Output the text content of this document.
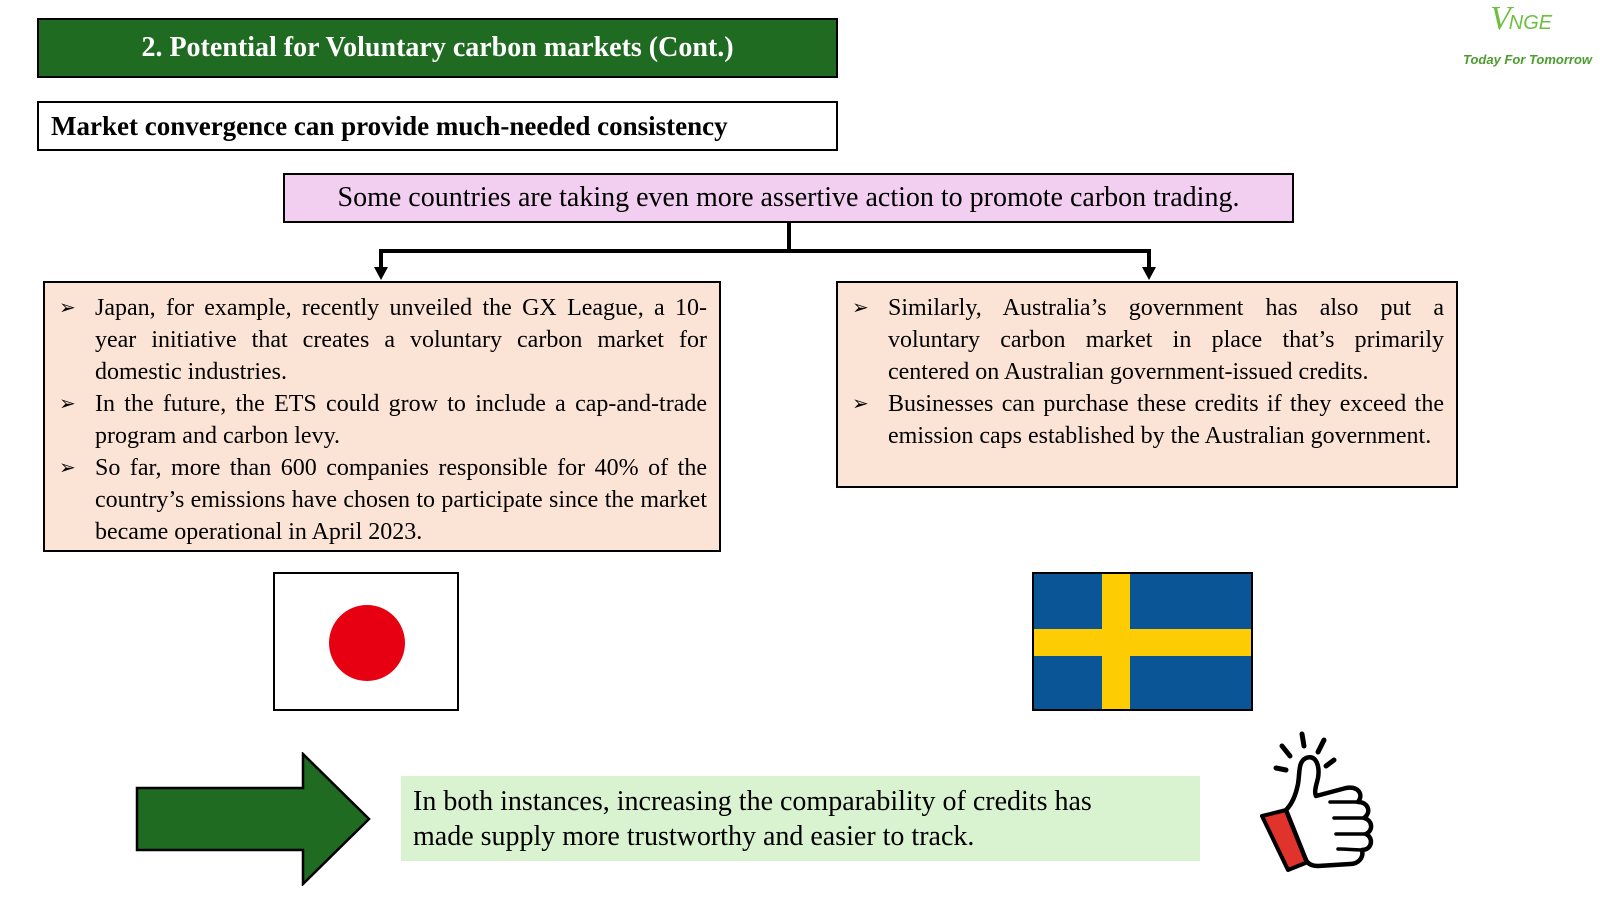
2. Potential for Voluntary carbon markets (Cont.)
VNGE
Today For Tomorrow
Market convergence can provide much-needed consistency
Some countries are taking even more assertive action to promote carbon trading.
➢ Japan, for example, recently unveiled the GX League, a 10-year initiative that creates a voluntary carbon market for domestic industries.
➢ In the future, the ETS could grow to include a cap-and-trade program and carbon levy.
➢ So far, more than 600 companies responsible for 40% of the country’s emissions have chosen to participate since the market became operational in April 2023.
➢ Similarly, Australia’s government has also put a voluntary carbon market in place that’s primarily centered on Australian government-issued credits.
➢ Businesses can purchase these credits if they exceed the emission caps established by the Australian government.
In both instances, increasing the comparability of credits has made supply more trustworthy and easier to track.
